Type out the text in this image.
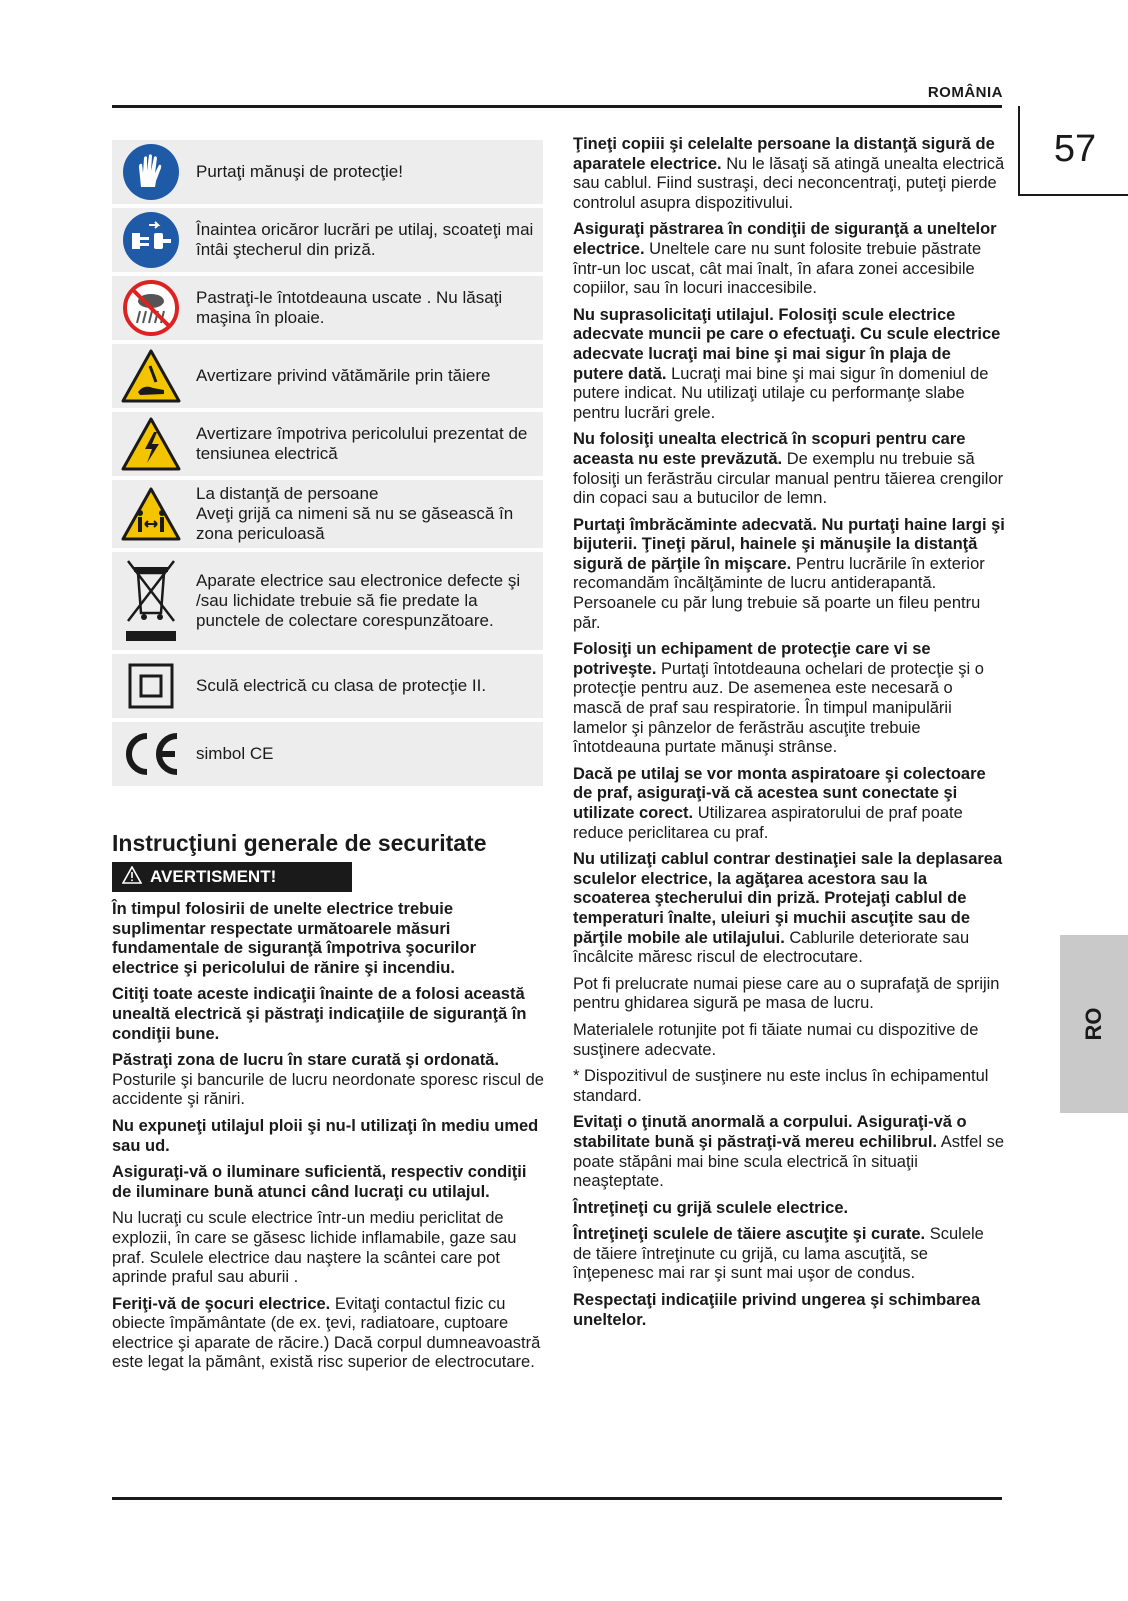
ROMÂNIA
57
RO
Purtaţi mănuşi de protecţie!
Înaintea oricăror lucrări pe utilaj, scoateţi mai întâi ştecherul din priză.
Pastraţi-le întotdeauna uscate . Nu lăsaţi maşina în ploaie.
Avertizare privind vătămările prin tăiere
Avertizare împotriva pericolului prezentat de tensiunea electrică
La distanţă de persoane
Aveţi grijă ca nimeni să nu se găsească în zona periculoasă
Aparate electrice sau electronice defecte şi /sau lichidate trebuie să fie predate la punctele de colectare corespunzătoare.
Sculă electrică cu clasa de protecţie II.
simbol CE
Instrucţiuni generale de securitate
AVERTISMENT!

În timpul folosirii de unelte electrice trebuie suplimentar respectate următoarele măsuri fundamentale de siguranţă împotriva şocurilor electrice şi pericolului de rănire şi incendiu.

Citiţi toate aceste indicaţii înainte de a folosi această unealtă electrică şi păstraţi indicaţiile de siguranţă în condiţii bune.

Păstraţi zona de lucru în stare curată şi ordonată. Posturile şi bancurile de lucru neordonate sporesc riscul de accidente şi răniri.

Nu expuneţi utilajul ploii şi nu-l utilizaţi în mediu umed sau ud.

Asiguraţi-vă o iluminare suficientă, respectiv condiţii de iluminare bună atunci când lucraţi cu utilajul.

Nu lucraţi cu scule electrice într-un mediu periclitat de explozii, în care se găsesc lichide inflamabile, gaze sau praf. Sculele electrice dau naştere la scântei care pot aprinde praful sau aburii .

Feriţi-vă de şocuri electrice. Evitaţi contactul fizic cu obiecte împământate (de ex. ţevi, radiatoare, cuptoare electrice şi aparate de răcire.) Dacă corpul dumneavoastră este legat la pământ, există risc superior de electrocutare.

Ţineţi copiii şi celelalte persoane la distanţă sigură de aparatele electrice. Nu le lăsaţi să atingă unealta electrică sau cablul. Fiind sustraşi, deci neconcentraţi, puteţi pierde controlul asupra dispozitivului.

Asiguraţi păstrarea în condiţii de siguranţă a uneltelor electrice. Uneltele care nu sunt folosite trebuie păstrate într-un loc uscat, cât mai înalt, în afara zonei accesibile copiilor, sau în locuri inaccesibile.

Nu suprasolicitaţi utilajul. Folosiţi scule electrice adecvate muncii pe care o efectuaţi. Cu scule electrice adecvate lucraţi mai bine şi mai sigur în plaja de putere dată. Lucraţi mai bine şi mai sigur în domeniul de putere indicat. Nu utilizaţi utilaje cu performanţe slabe pentru lucrări grele.

Nu folosiţi unealta electrică în scopuri pentru care aceasta nu este prevăzută. De exemplu nu trebuie să folosiţi un ferăstrău circular manual pentru tăierea crengilor din copaci sau a butucilor de lemn.

Purtaţi îmbrăcăminte adecvată. Nu purtaţi haine largi şi bijuterii. Ţineţi părul, hainele şi mănuşile la distanţă sigură de părţile în mişcare. Pentru lucrările în exterior recomandăm încălţăminte de lucru antiderapantă. Persoanele cu păr lung trebuie să poarte un fileu pentru păr.

Folosiţi un echipament de protecţie care vi se potriveşte. Purtaţi întotdeauna ochelari de protecţie şi o protecţie pentru auz. De asemenea este necesară o mască de praf sau respiratorie. În timpul manipulării lamelor şi pânzelor de ferăstrău ascuţite trebuie întotdeauna purtate mănuşi strânse.

Dacă pe utilaj se vor monta aspiratoare şi colectoare de praf, asiguraţi-vă că acestea sunt conectate şi utilizate corect. Utilizarea aspiratorului de praf poate reduce periclitarea cu praf.

Nu utilizaţi cablul contrar destinaţiei sale la deplasarea sculelor electrice, la agăţarea acestora sau la scoaterea ştecherului din priză. Protejaţi cablul de temperaturi înalte, uleiuri şi muchii ascuţite sau de părţile mobile ale utilajului. Cablurile deteriorate sau încâlcite măresc riscul de electrocutare.

Pot fi prelucrate numai piese care au o suprafaţă de sprijin pentru ghidarea sigură pe masa de lucru.

Materialele rotunjite pot fi tăiate numai cu dispozitive de susţinere adecvate.

* Dispozitivul de susţinere nu este inclus în echipamentul standard.

Evitaţi o ţinută anormală a corpului. Asiguraţi-vă o stabilitate bună şi păstraţi-vă mereu echilibrul. Astfel se poate stăpâni mai bine scula electrică în situaţii neaşteptate.

Întreţineţi cu grijă sculele electrice.

Întreţineţi sculele de tăiere ascuţite şi curate. Sculele de tăiere întreţinute cu grijă, cu lama ascuţită, se înţepenesc mai rar şi sunt mai uşor de condus.

Respectaţi indicaţiile privind ungerea şi schimbarea uneltelor.
